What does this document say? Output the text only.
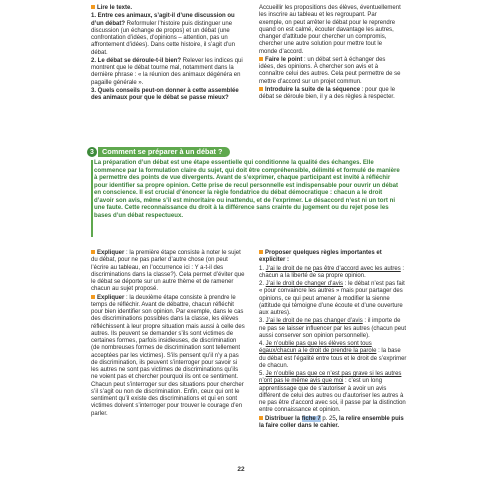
Lire le texte.

1. Entre ces animaux, s’agit-il d’une discussion ou d’un débat? Reformuler l’histoire puis distinguer une discussion (un échange de propos) et un débat (une confrontation d’idées, d’opinions – attention, pas un affrontement d’idées). Dans cette histoire, il s’agit d’un débat.

2. Le débat se déroule-t-il bien? Relever les indices qui montrent que le débat tourne mal, notamment dans la dernière phrase : « la réunion des animaux dégénéra en pagaille générale ».

3. Quels conseils peut-on donner à cette assemblée des animaux pour que le débat se passe mieux?

Accueillir les propositions des élèves, éventuellement les inscrire au tableau et les regroupant. Par exemple, on peut arrêter le débat pour le reprendre quand on est calmé, écouter davantage les autres, changer d’attitude pour chercher un compromis, chercher une autre solution pour mettre tout le monde d’accord.

Faire le point : un débat sert à échanger des idées, des opinions. À chercher son avis et à connaître celui des autres. Cela peut permettre de se mettre d’accord sur un projet commun.

Introduire la suite de la séquence : pour que le débat se déroule bien, il y a des règles à respecter.

3	Comment se préparer à un débat ?
La préparation d’un débat est une étape essentielle qui conditionne la qualité des échanges. Elle commence par la formulation claire du sujet, qui doit être compréhensible, délimité et formulé de manière à permettre des points de vue divergents. Avant de s’exprimer, chaque participant est invité à réfléchir pour identifier sa propre opinion. Cette prise de recul personnelle est indispensable pour ouvrir un débat en conscience. Il est crucial d’énoncer la règle fondatrice du débat démocratique : chacun a le droit d’avoir son avis, même s’il est minoritaire ou inattendu, et de l’exprimer. Le désaccord n’est ni un tort ni une faute. Cette reconnaissance du droit à la différence sans crainte du jugement ou du rejet pose les bases d’un débat respectueux.

Expliquer : la première étape consiste à noter le sujet du débat, pour ne pas parler d’autre chose (on peut l’écrire au tableau, en l’occurrence ici : Y a-t-il des discriminations dans la classe?). Cela permet d’éviter que le débat se déporte sur un autre thème et de ramener chacun au sujet proposé.

Expliquer : la deuxième étape consiste à prendre le temps de réfléchir. Avant de débattre, chacun réfléchit pour bien identifier son opinion. Par exemple, dans le cas des discriminations possibles dans la classe, les élèves réfléchissent à leur propre situation mais aussi à celle des autres. Ils peuvent se demander s’ils sont victimes de certaines formes, parfois insidieuses, de discrimination (de nombreuses formes de discrimination sont tellement acceptées par les victimes). S’ils pensent qu’il n’y a pas de discrimination, ils peuvent s’interroger pour savoir si les autres ne sont pas victimes de discriminations qu’ils ne voient pas et chercher pourquoi ils ont ce sentiment. Chacun peut s’interroger sur des situations pour chercher s’il s’agit ou non de discrimination. Enfin, ceux qui ont le sentiment qu’il existe des discriminations et qui en sont victimes doivent s’interroger pour trouver le courage d’en parler.

Proposer quelques règles importantes et expliciter :

1. J’ai le droit de ne pas être d’accord avec les autres : chacun a la liberté de sa propre opinion.

2. J’ai le droit de changer d’avis : le débat n’est pas fait « pour convaincre les autres » mais pour partager des opinions, ce qui peut amener à modifier la sienne (attitude qui témoigne d’une écoute et d’une ouverture aux autres).

3. J’ai le droit de ne pas changer d’avis : il importe de ne pas se laisser influencer par les autres (chacun peut aussi conserver son opinion personnelle).

4. Je n’oublie pas que les élèves sont tous égaux/chacun a le droit de prendre la parole : la base du débat est l’égalité entre tous et le droit de s’exprimer de chacun.

5. Je n’oublie pas que ce n’est pas grave si les autres n’ont pas le même avis que moi : c’est un long apprentissage que de s’autoriser à avoir un avis différent de celui des autres ou d’autoriser les autres à ne pas être d’accord avec soi, il passe par la distinction entre connaissance et opinion.

Distribuer la fiche 7 p. 25, la relire ensemble puis la faire coller dans le cahier.

22
